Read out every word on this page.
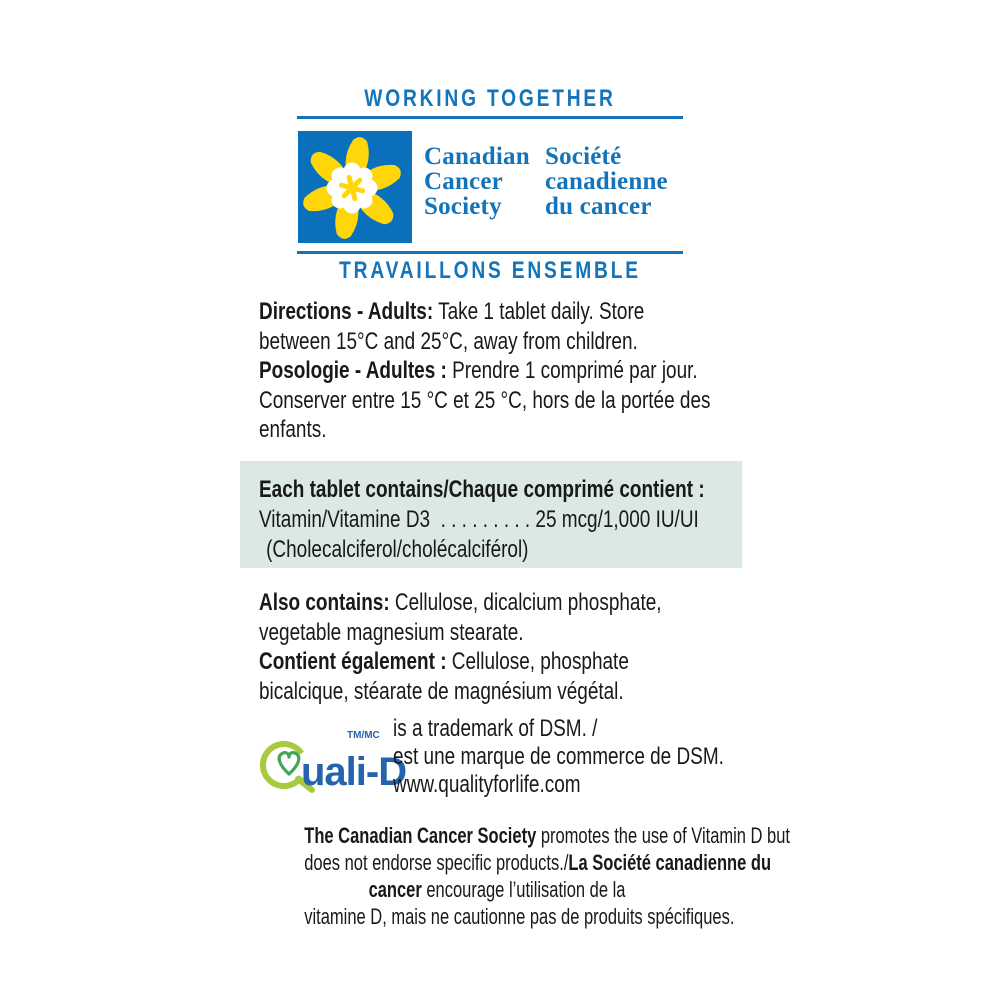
WORKING TOGETHER
Canadian
Cancer
Society
Société
canadienne
du cancer
TRAVAILLONS ENSEMBLE
Directions - Adults: Take 1 tablet daily. Store
between 15°C and 25°C, away from children.
Posologie - Adultes : Prendre 1 comprimé par jour.
Conserver entre 15 °C et 25 °C, hors de la portée des
enfants.
Each tablet contains/Chaque comprimé contient :
Vitamin/Vitamine D3  . . . . . . . . . 25 mcg/1,000 IU/UI
(Cholecalciferol/cholécalciférol)
Also contains: Cellulose, dicalcium phosphate,
vegetable magnesium stearate.
Contient également : Cellulose, phosphate
bicalcique, stéarate de magnésium végétal.
uali-D
TM/MC is a trademark of DSM. /
est une marque de commerce de DSM.
www.qualityforlife.com
The Canadian Cancer Society promotes the use of Vitamin D but
does not endorse specific products./La Société canadienne du
cancer encourage l’utilisation de la
vitamine D, mais ne cautionne pas de produits spécifiques.
